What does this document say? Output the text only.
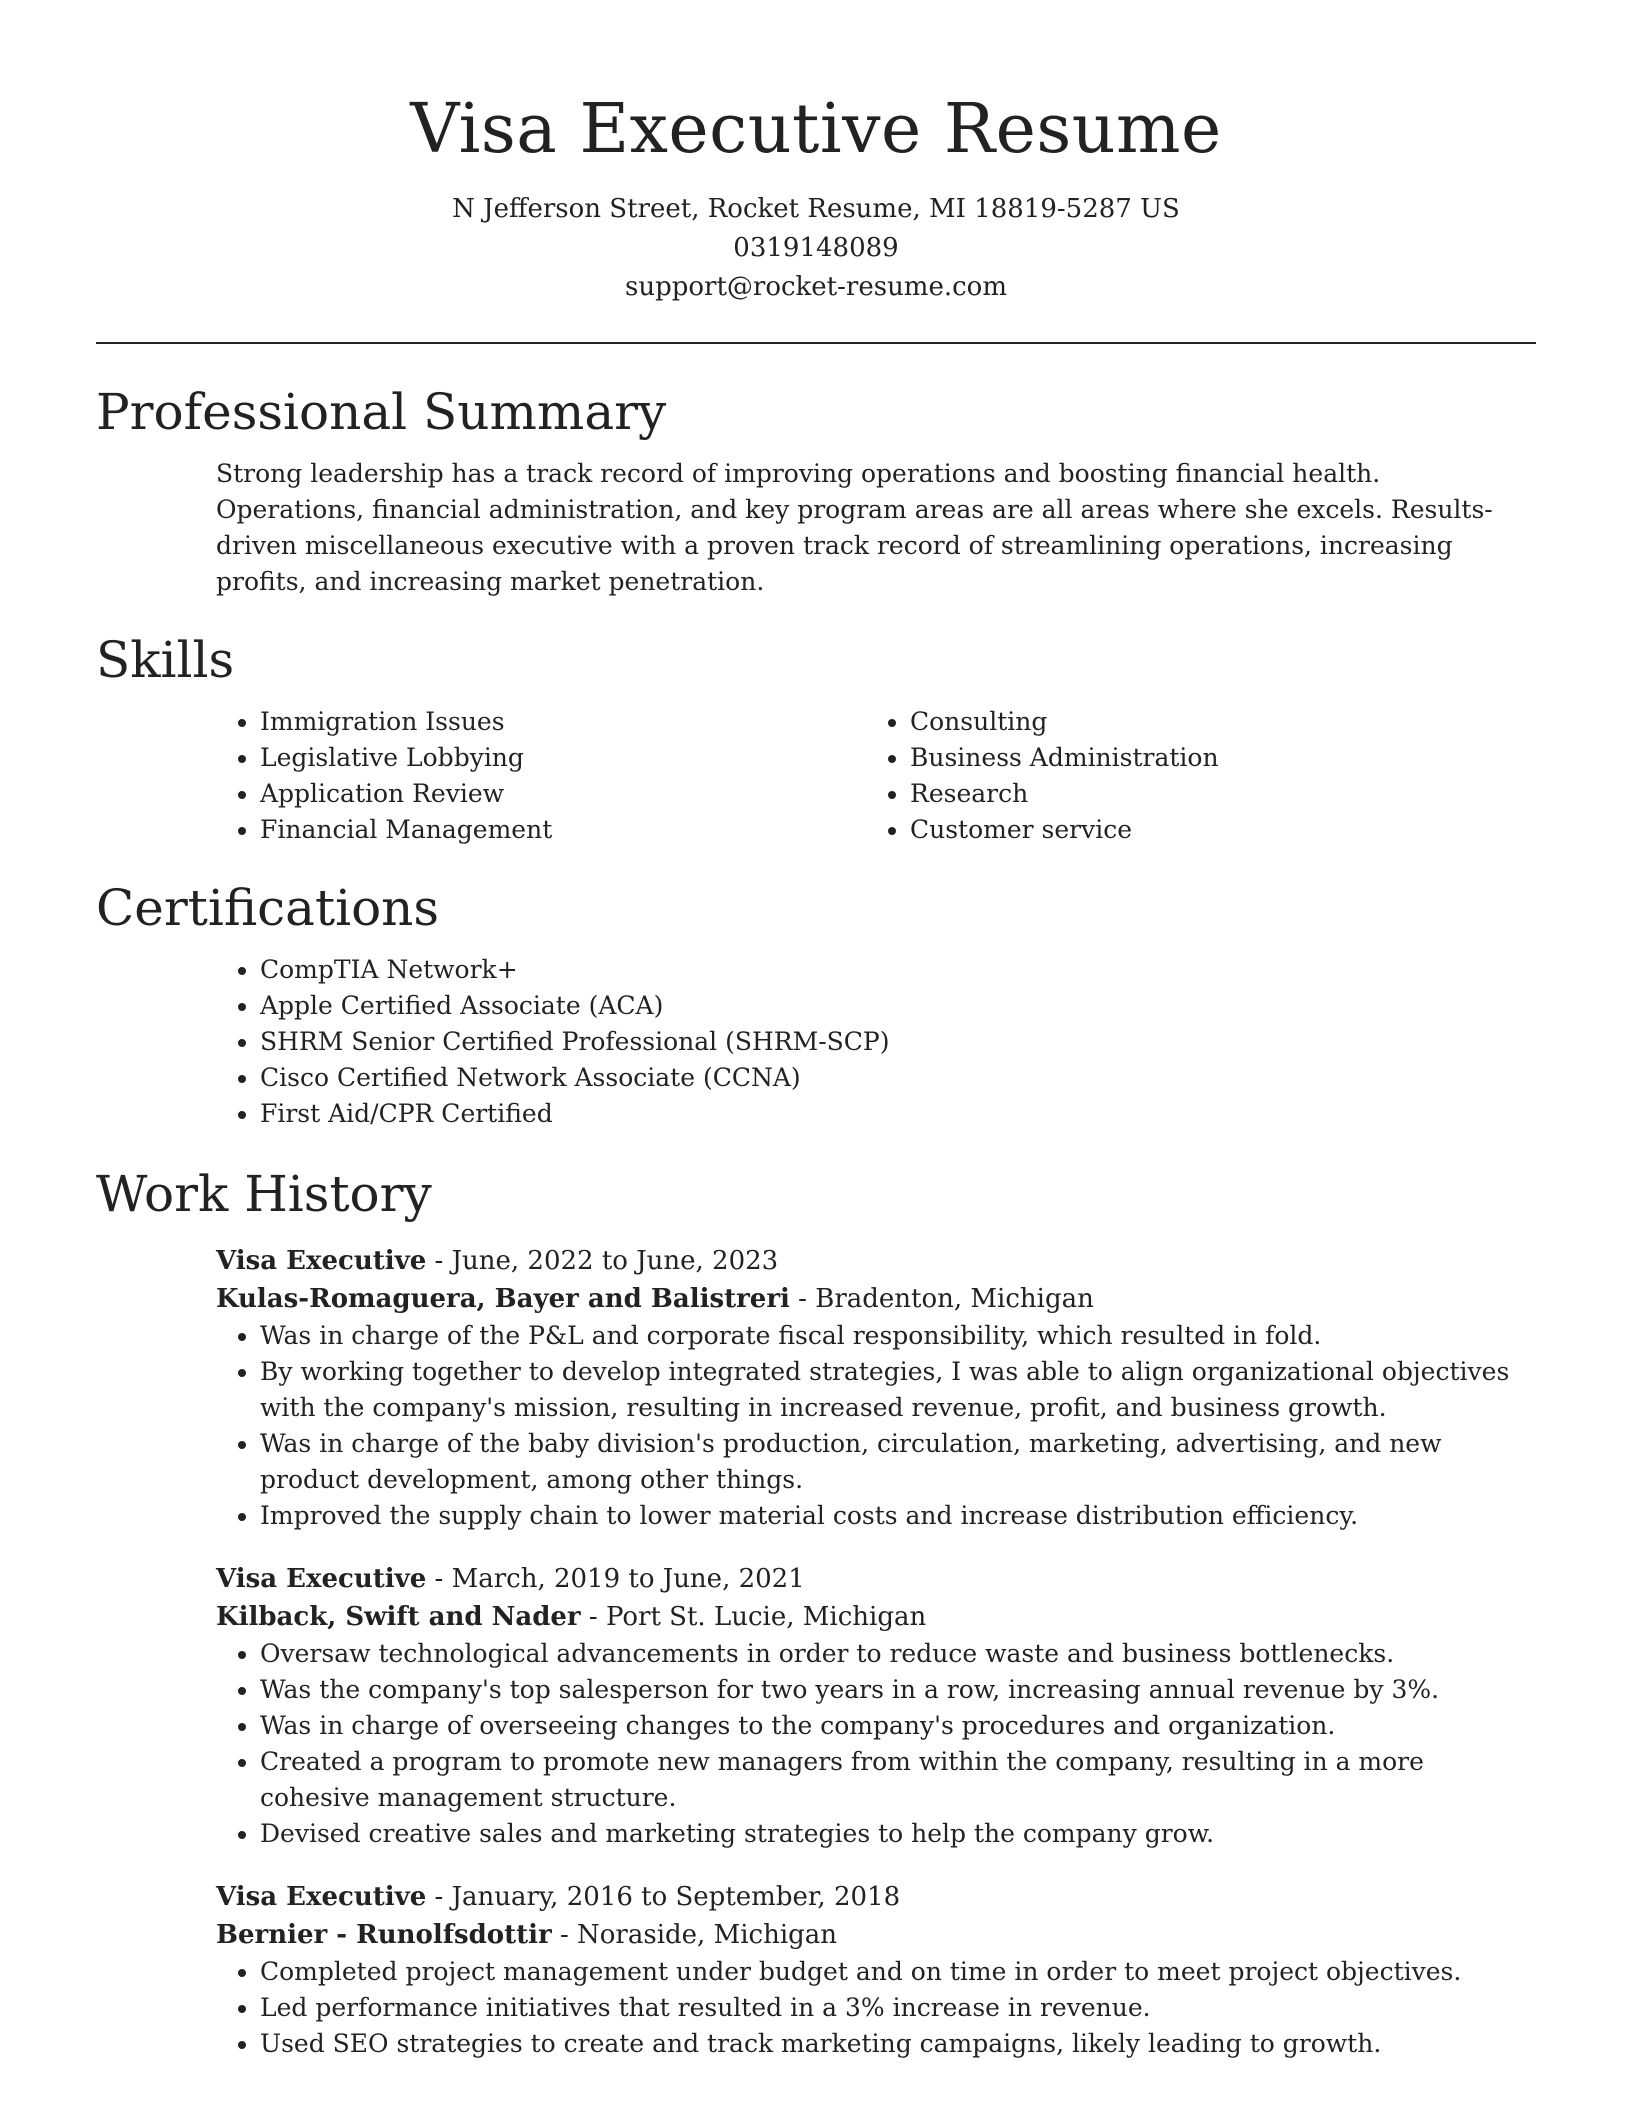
Visa Executive Resume
N Jefferson Street, Rocket Resume, MI 18819-5287 US
0319148089
support@rocket-resume.com
Professional Summary
Strong leadership has a track record of improving operations and boosting financial health. Operations, financial administration, and key program areas are all areas where she excels. Results-driven miscellaneous executive with a proven track record of streamlining operations, increasing profits, and increasing market penetration.
Skills
• Immigration Issues
• Legislative Lobbying
• Application Review
• Financial Management
• Consulting
• Business Administration
• Research
• Customer service
Certifications
• CompTIA Network+
• Apple Certified Associate (ACA)
• SHRM Senior Certified Professional (SHRM-SCP)
• Cisco Certified Network Associate (CCNA)
• First Aid/CPR Certified
Work History
Visa Executive - June, 2022 to June, 2023
Kulas-Romaguera, Bayer and Balistreri - Bradenton, Michigan
• Was in charge of the P&L and corporate fiscal responsibility, which resulted in fold.
• By working together to develop integrated strategies, I was able to align organizational objectives with the company's mission, resulting in increased revenue, profit, and business growth.
• Was in charge of the baby division's production, circulation, marketing, advertising, and new product development, among other things.
• Improved the supply chain to lower material costs and increase distribution efficiency.
Visa Executive - March, 2019 to June, 2021
Kilback, Swift and Nader - Port St. Lucie, Michigan
• Oversaw technological advancements in order to reduce waste and business bottlenecks.
• Was the company's top salesperson for two years in a row, increasing annual revenue by 3%.
• Was in charge of overseeing changes to the company's procedures and organization.
• Created a program to promote new managers from within the company, resulting in a more cohesive management structure.
• Devised creative sales and marketing strategies to help the company grow.
Visa Executive - January, 2016 to September, 2018
Bernier - Runolfsdottir - Noraside, Michigan
• Completed project management under budget and on time in order to meet project objectives.
• Led performance initiatives that resulted in a 3% increase in revenue.
• Used SEO strategies to create and track marketing campaigns, likely leading to growth.
